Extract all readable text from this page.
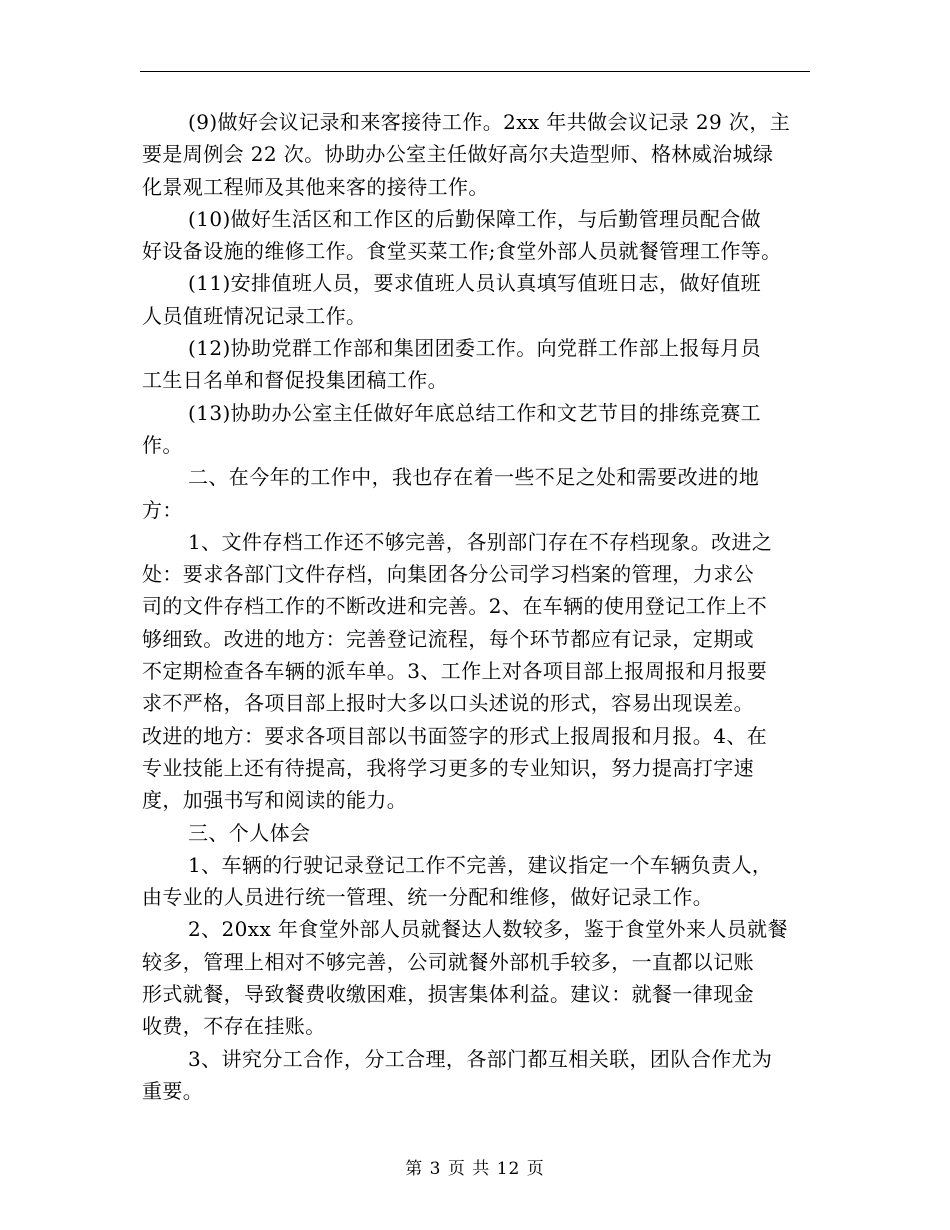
(9)做好会议记录和来客接待工作。2xx 年共做会议记录 29 次，主
要是周例会 22 次。协助办公室主任做好高尔夫造型师、格林威治城绿
化景观工程师及其他来客的接待工作。
(10)做好生活区和工作区的后勤保障工作，与后勤管理员配合做
好设备设施的维修工作。食堂买菜工作;食堂外部人员就餐管理工作等。
(11)安排值班人员，要求值班人员认真填写值班日志，做好值班
人员值班情况记录工作。
(12)协助党群工作部和集团团委工作。向党群工作部上报每月员
工生日名单和督促投集团稿工作。
(13)协助办公室主任做好年底总结工作和文艺节目的排练竞赛工
作。
二、在今年的工作中，我也存在着一些不足之处和需要改进的地
方：
1、文件存档工作还不够完善，各别部门存在不存档现象。改进之
处：要求各部门文件存档，向集团各分公司学习档案的管理，力求公
司的文件存档工作的不断改进和完善。2、在车辆的使用登记工作上不
够细致。改进的地方：完善登记流程，每个环节都应有记录，定期或
不定期检查各车辆的派车单。3、工作上对各项目部上报周报和月报要
求不严格，各项目部上报时大多以口头述说的形式，容易出现误差。
改进的地方：要求各项目部以书面签字的形式上报周报和月报。4、在
专业技能上还有待提高，我将学习更多的专业知识，努力提高打字速
度，加强书写和阅读的能力。
三、个人体会
1、车辆的行驶记录登记工作不完善，建议指定一个车辆负责人，
由专业的人员进行统一管理、统一分配和维修，做好记录工作。
2、20xx 年食堂外部人员就餐达人数较多，鉴于食堂外来人员就餐
较多，管理上相对不够完善，公司就餐外部机手较多，一直都以记账
形式就餐，导致餐费收缴困难，损害集体利益。建议：就餐一律现金
收费，不存在挂账。
3、讲究分工合作，分工合理，各部门都互相关联，团队合作尤为
重要。
第 3 页 共 12 页
